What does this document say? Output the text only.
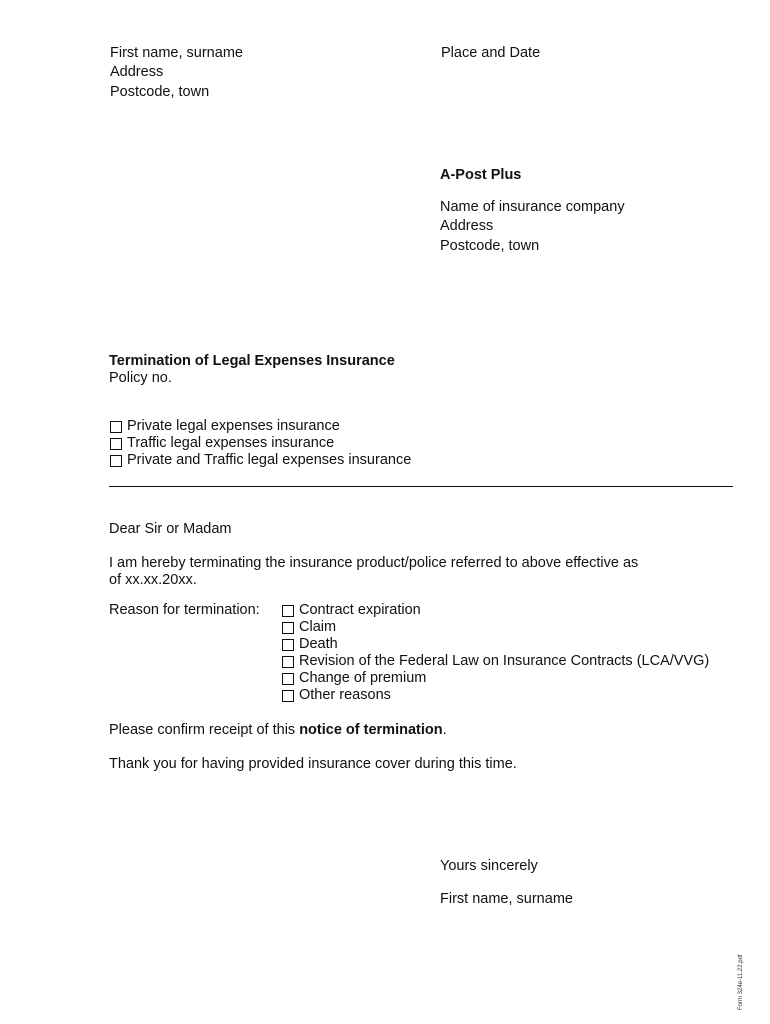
First name, surname
Address
Postcode, town
Place and Date
A-Post Plus
Name of insurance company
Address
Postcode, town
Termination of Legal Expenses Insurance
Policy no.
Private legal expenses insurance
Traffic legal expenses insurance
Private and Traffic legal expenses insurance
Dear Sir or Madam
I am hereby terminating the insurance product/police referred to above effective as
of xx.xx.20xx.
Reason for termination:	Contract expiration
Claim
Death
Revision of the Federal Law on Insurance Contracts (LCA/VVG)
Change of premium
Other reasons
Please confirm receipt of this notice of termination.
Thank you for having provided insurance cover during this time.
Yours sincerely
First name, surname
Form 324e-11.22.pdf
